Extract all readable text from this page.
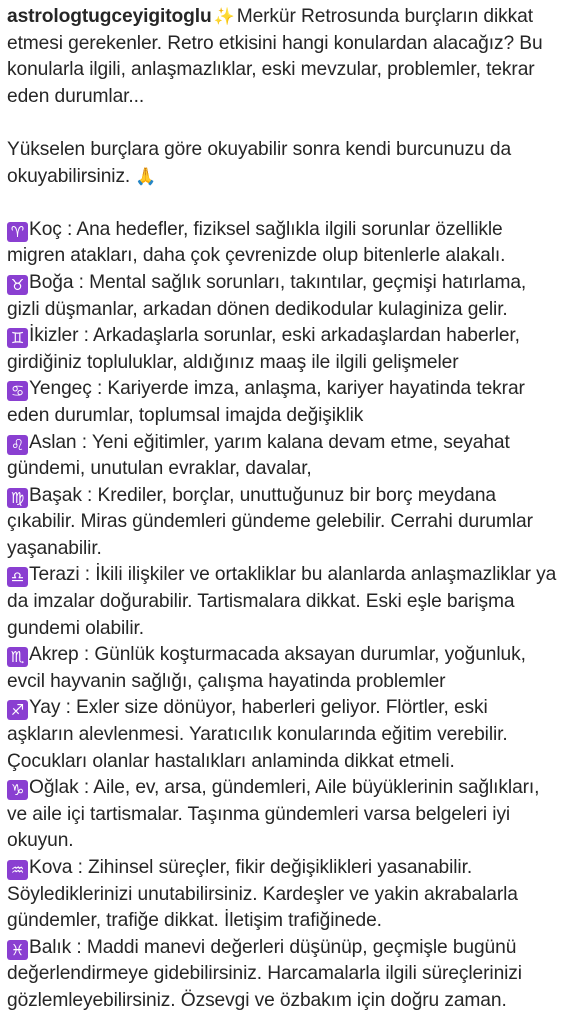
astrologtugceyigitoglu ✨ Merkür Retrosunda burçların dikkat etmesi gerekenler. Retro etkisini hangi konulardan alacağız? Bu konularla ilgili, anlaşmazlıklar, eski mevzular, problemler, tekrar eden durumlar...

Yükselen burçlara göre okuyabilir sonra kendi burcunuzu da okuyabilirsiniz. 🙏

♈ Koç : Ana hedefler, fiziksel sağlıkla ilgili sorunlar özellikle migren atakları, daha çok çevrenizde olup bitenlerle alakalı.

♉ Boğa : Mental sağlık sorunları, takıntılar, geçmişi hatırlama, gizli düşmanlar, arkadan dönen dedikodular kulaginiza gelir.

♊ İkizler : Arkadaşlarla sorunlar, eski arkadaşlardan haberler, girdiğiniz topluluklar, aldığınız maaş ile ilgili gelişmeler

♋ Yengeç : Kariyerde imza, anlaşma, kariyer hayatinda tekrar eden durumlar, toplumsal imajda değişiklik

♌ Aslan : Yeni eğitimler, yarım kalana devam etme, seyahat gündemi, unutulan evraklar, davalar,

♍ Başak : Krediler, borçlar, unuttuğunuz bir borç meydana çıkabilir. Miras gündemleri gündeme gelebilir. Cerrahi durumlar yaşanabilir.

♎ Terazi : İkili ilişkiler ve ortakliklar bu alanlarda anlaşmazliklar ya da imzalar doğurabilir. Tartismalara dikkat. Eski eşle barişma gundemi olabilir.

♏ Akrep : Günlük koşturmacada aksayan durumlar, yoğunluk, evcil hayvanin sağlığı, çalışma hayatinda problemler

♐ Yay : Exler size dönüyor, haberleri geliyor. Flörtler, eski aşkların alevlenmesi. Yaratıcılık konularında eğitim verebilir. Çocukları olanlar hastalıkları anlaminda dikkat etmeli.

♑ Oğlak : Aile, ev, arsa, gündemleri, Aile büyüklerinin sağlıkları, ve aile içi tartismalar. Taşınma gündemleri varsa belgeleri iyi okuyun.

♒ Kova : Zihinsel süreçler, fikir değişiklikleri yasanabilir. Söylediklerinizi unutabilirsiniz. Kardeşler ve yakin akrabalarla gündemler, trafiğe dikkat. İletişim trafiğinede.

♓ Balık : Maddi manevi değerleri düşünüp, geçmişle bugünü değerlendirmeye gidebilirsiniz. Harcamalarla ilgili süreçlerinizi gözlemleyebilirsiniz. Özsevgi ve özbakım için doğru zaman.
